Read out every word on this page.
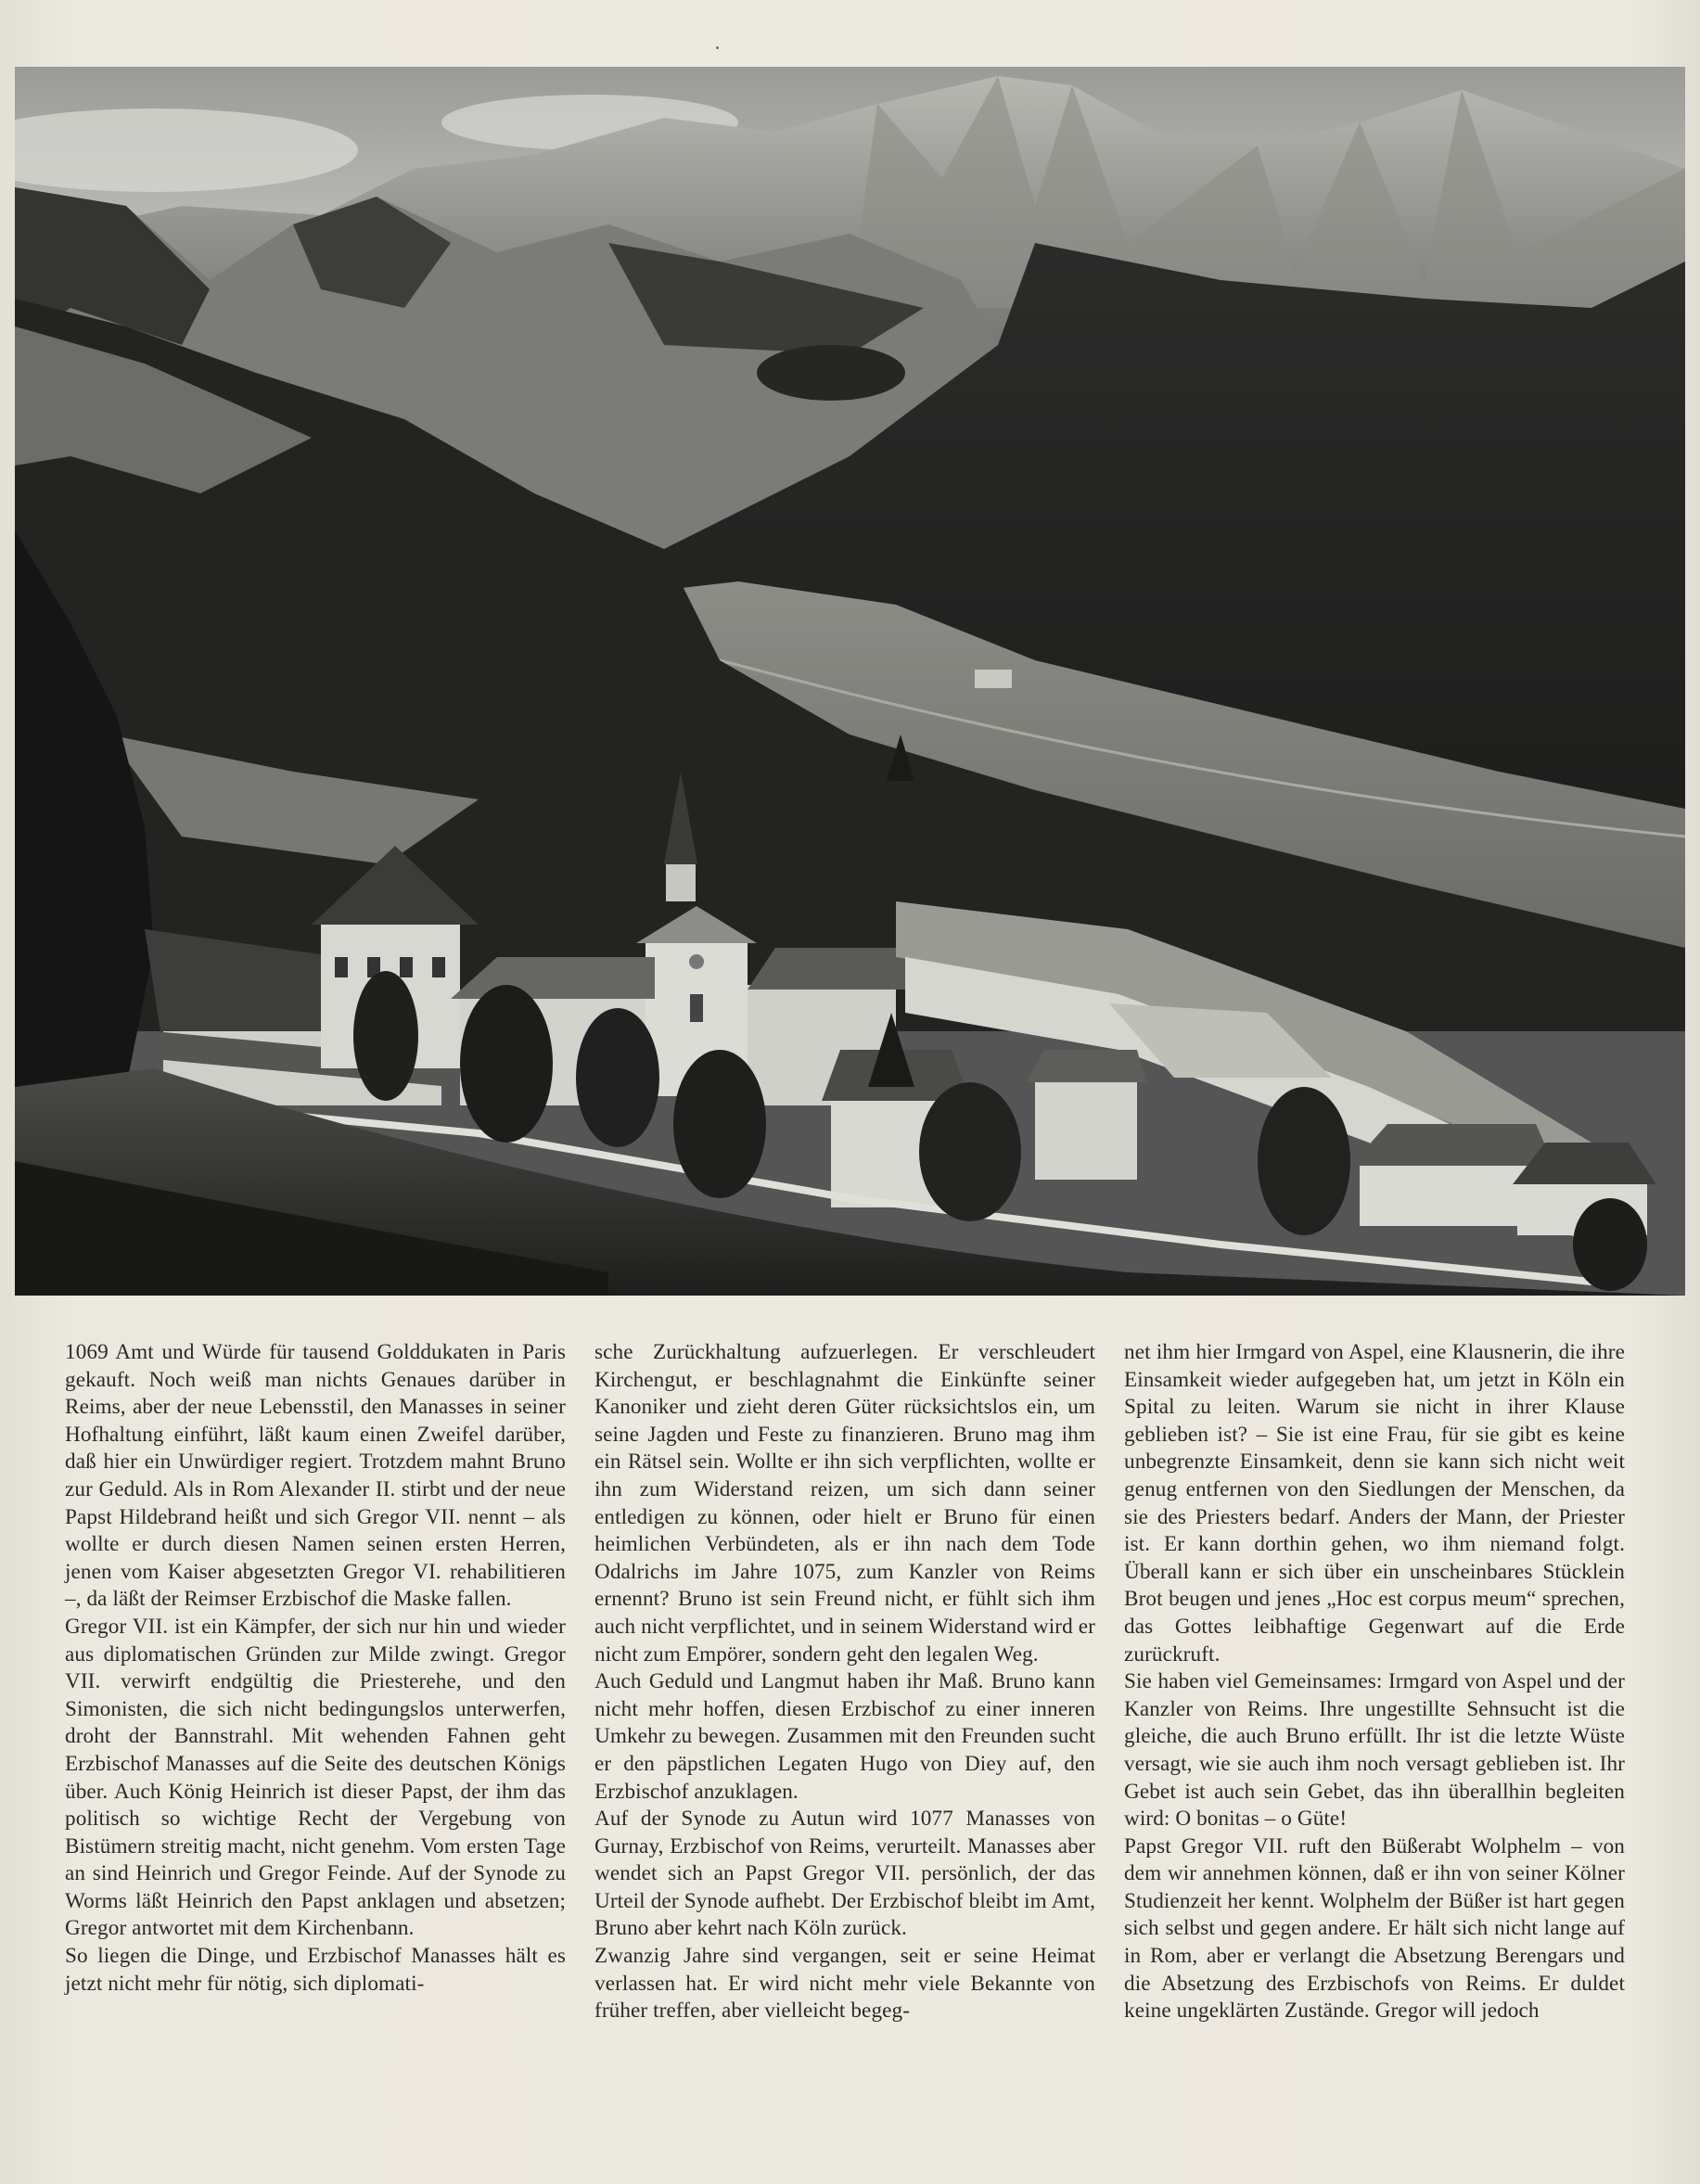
1069 Amt und Würde für tausend Golddukaten in Paris gekauft. Noch weiß man nichts Genaues darüber in Reims, aber der neue Lebensstil, den Manasses in seiner Hofhaltung einführt, läßt kaum einen Zweifel darüber, daß hier ein Unwürdiger regiert. Trotzdem mahnt Bruno zur Geduld. Als in Rom Alexander II. stirbt und der neue Papst Hildebrand heißt und sich Gregor VII. nennt – als wollte er durch diesen Namen seinen ersten Herren, jenen vom Kaiser abgesetzten Gregor VI. rehabilitieren –, da läßt der Reimser Erzbischof die Maske fallen.

Gregor VII. ist ein Kämpfer, der sich nur hin und wieder aus diplomatischen Gründen zur Milde zwingt. Gregor VII. verwirft endgültig die Priesterehe, und den Simonisten, die sich nicht bedingungslos unterwerfen, droht der Bannstrahl. Mit wehenden Fahnen geht Erzbischof Manasses auf die Seite des deutschen Königs über. Auch König Heinrich ist dieser Papst, der ihm das politisch so wichtige Recht der Vergebung von Bistümern streitig macht, nicht genehm. Vom ersten Tage an sind Heinrich und Gregor Feinde. Auf der Synode zu Worms läßt Heinrich den Papst anklagen und absetzen; Gregor antwortet mit dem Kirchenbann.

So liegen die Dinge, und Erzbischof Manasses hält es jetzt nicht mehr für nötig, sich diplomati-

sche Zurückhaltung aufzuerlegen. Er verschleudert Kirchengut, er beschlagnahmt die Einkünfte seiner Kanoniker und zieht deren Güter rücksichtslos ein, um seine Jagden und Feste zu finanzieren. Bruno mag ihm ein Rätsel sein. Wollte er ihn sich verpflichten, wollte er ihn zum Widerstand reizen, um sich dann seiner entledigen zu können, oder hielt er Bruno für einen heimlichen Verbündeten, als er ihn nach dem Tode Odalrichs im Jahre 1075, zum Kanzler von Reims ernennt? Bruno ist sein Freund nicht, er fühlt sich ihm auch nicht verpflichtet, und in seinem Widerstand wird er nicht zum Empörer, sondern geht den legalen Weg.

Auch Geduld und Langmut haben ihr Maß. Bruno kann nicht mehr hoffen, diesen Erzbischof zu einer inneren Umkehr zu bewegen. Zusammen mit den Freunden sucht er den päpstlichen Legaten Hugo von Diey auf, den Erzbischof anzuklagen.

Auf der Synode zu Autun wird 1077 Manasses von Gurnay, Erzbischof von Reims, verurteilt. Manasses aber wendet sich an Papst Gregor VII. persönlich, der das Urteil der Synode aufhebt. Der Erzbischof bleibt im Amt, Bruno aber kehrt nach Köln zurück.

Zwanzig Jahre sind vergangen, seit er seine Heimat verlassen hat. Er wird nicht mehr viele Bekannte von früher treffen, aber vielleicht begeg-

net ihm hier Irmgard von Aspel, eine Klausnerin, die ihre Einsamkeit wieder aufgegeben hat, um jetzt in Köln ein Spital zu leiten. Warum sie nicht in ihrer Klause geblieben ist? – Sie ist eine Frau, für sie gibt es keine unbegrenzte Einsamkeit, denn sie kann sich nicht weit genug entfernen von den Siedlungen der Menschen, da sie des Priesters bedarf. Anders der Mann, der Priester ist. Er kann dorthin gehen, wo ihm niemand folgt. Überall kann er sich über ein unscheinbares Stücklein Brot beugen und jenes „Hoc est corpus meum“ sprechen, das Gottes leibhaftige Gegenwart auf die Erde zurückruft.

Sie haben viel Gemeinsames: Irmgard von Aspel und der Kanzler von Reims. Ihre ungestillte Sehnsucht ist die gleiche, die auch Bruno erfüllt. Ihr ist die letzte Wüste versagt, wie sie auch ihm noch versagt geblieben ist. Ihr Gebet ist auch sein Gebet, das ihn überallhin begleiten wird: O bonitas – o Güte!

Papst Gregor VII. ruft den Büßerabt Wolphelm – von dem wir annehmen können, daß er ihn von seiner Kölner Studienzeit her kennt. Wolphelm der Büßer ist hart gegen sich selbst und gegen andere. Er hält sich nicht lange auf in Rom, aber er verlangt die Absetzung Berengars und die Absetzung des Erzbischofs von Reims. Er duldet keine ungeklärten Zustände. Gregor will jedoch
